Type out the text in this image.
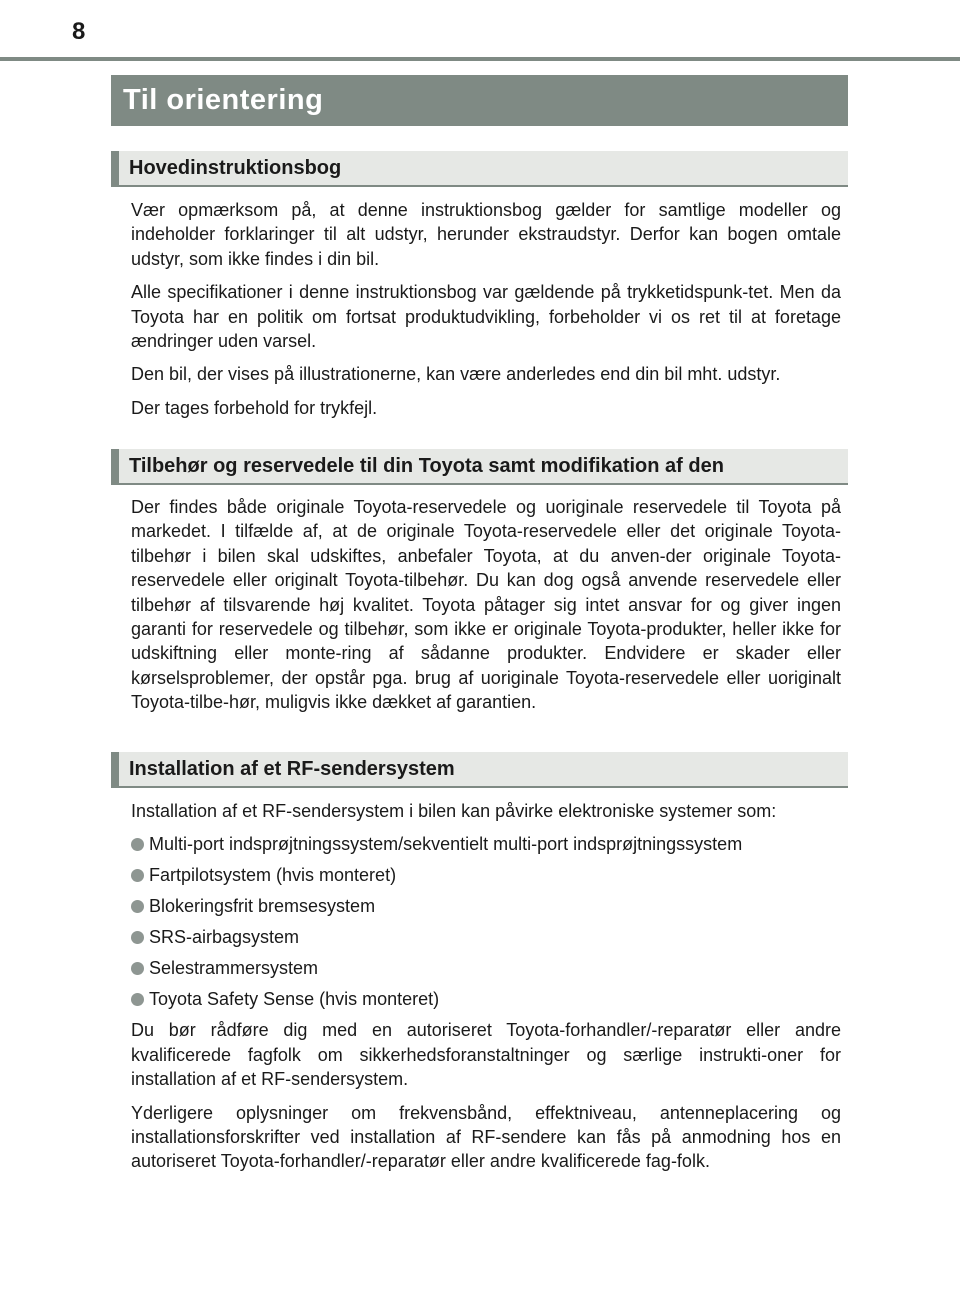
8
Til orientering
Hovedinstruktionsbog

Vær opmærksom på, at denne instruktionsbog gælder for samtlige modeller og indeholder forklaringer til alt udstyr, herunder ekstraudstyr. Derfor kan bogen omtale udstyr, som ikke findes i din bil.

Alle specifikationer i denne instruktionsbog var gældende på trykketidspunk-tet. Men da Toyota har en politik om fortsat produktudvikling, forbeholder vi os ret til at foretage ændringer uden varsel.

Den bil, der vises på illustrationerne, kan være anderledes end din bil mht. udstyr.

Der tages forbehold for trykfejl.

Tilbehør og reservedele til din Toyota samt modifikation af den

Der findes både originale Toyota-reservedele og uoriginale reservedele til Toyota på markedet. I tilfælde af, at de originale Toyota-reservedele eller det originale Toyota-tilbehør i bilen skal udskiftes, anbefaler Toyota, at du anven-der originale Toyota-reservedele eller originalt Toyota-tilbehør. Du kan dog også anvende reservedele eller tilbehør af tilsvarende høj kvalitet. Toyota påtager sig intet ansvar for og giver ingen garanti for reservedele og tilbehør, som ikke er originale Toyota-produkter, heller ikke for udskiftning eller monte-ring af sådanne produkter. Endvidere er skader eller kørselsproblemer, der opstår pga. brug af uoriginale Toyota-reservedele eller uoriginalt Toyota-tilbe-hør, muligvis ikke dækket af garantien.

Installation af et RF-sendersystem

Installation af et RF-sendersystem i bilen kan påvirke elektroniske systemer som:

Multi-port indsprøjtningssystem/sekventielt multi-port indsprøjtningssystem
Fartpilotsystem (hvis monteret)
Blokeringsfrit bremsesystem
SRS-airbagsystem
Selestrammersystem
Toyota Safety Sense (hvis monteret)

Du bør rådføre dig med en autoriseret Toyota-forhandler/-reparatør eller andre kvalificerede fagfolk om sikkerhedsforanstaltninger og særlige instrukti-oner for installation af et RF-sendersystem.

Yderligere oplysninger om frekvensbånd, effektniveau, antenneplacering og installationsforskrifter ved installation af RF-sendere kan fås på anmodning hos en autoriseret Toyota-forhandler/-reparatør eller andre kvalificerede fag-folk.
